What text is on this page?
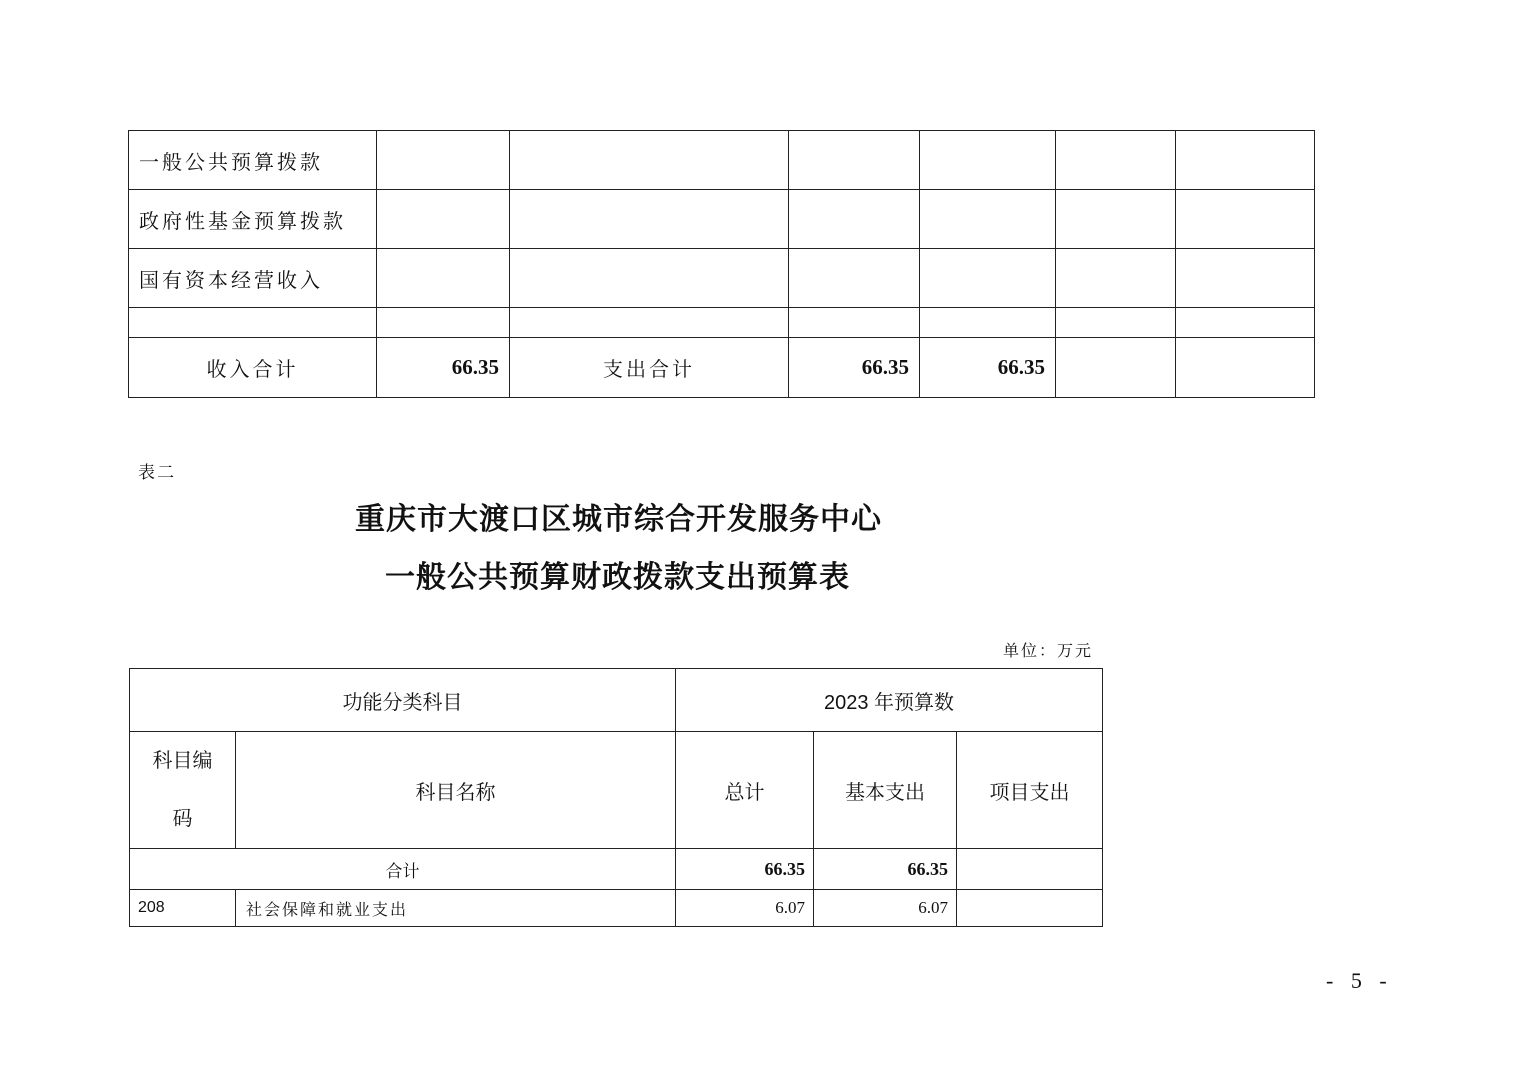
一般公共预算拨款						
政府性基金预算拨款						
国有资本经营收入						

收入合计	66.35	支出合计	66.35	66.35		
表二
重庆市大渡口区城市综合开发服务中心
一般公共预算财政拨款支出预算表
单位：万元
功能分类科目		2023 年预算数		

科目编码	科目名称	总计	基本支出	项目支出
合计		66.35	66.35	
208	社会保障和就业支出	6.07	6.07	
- 5 -
